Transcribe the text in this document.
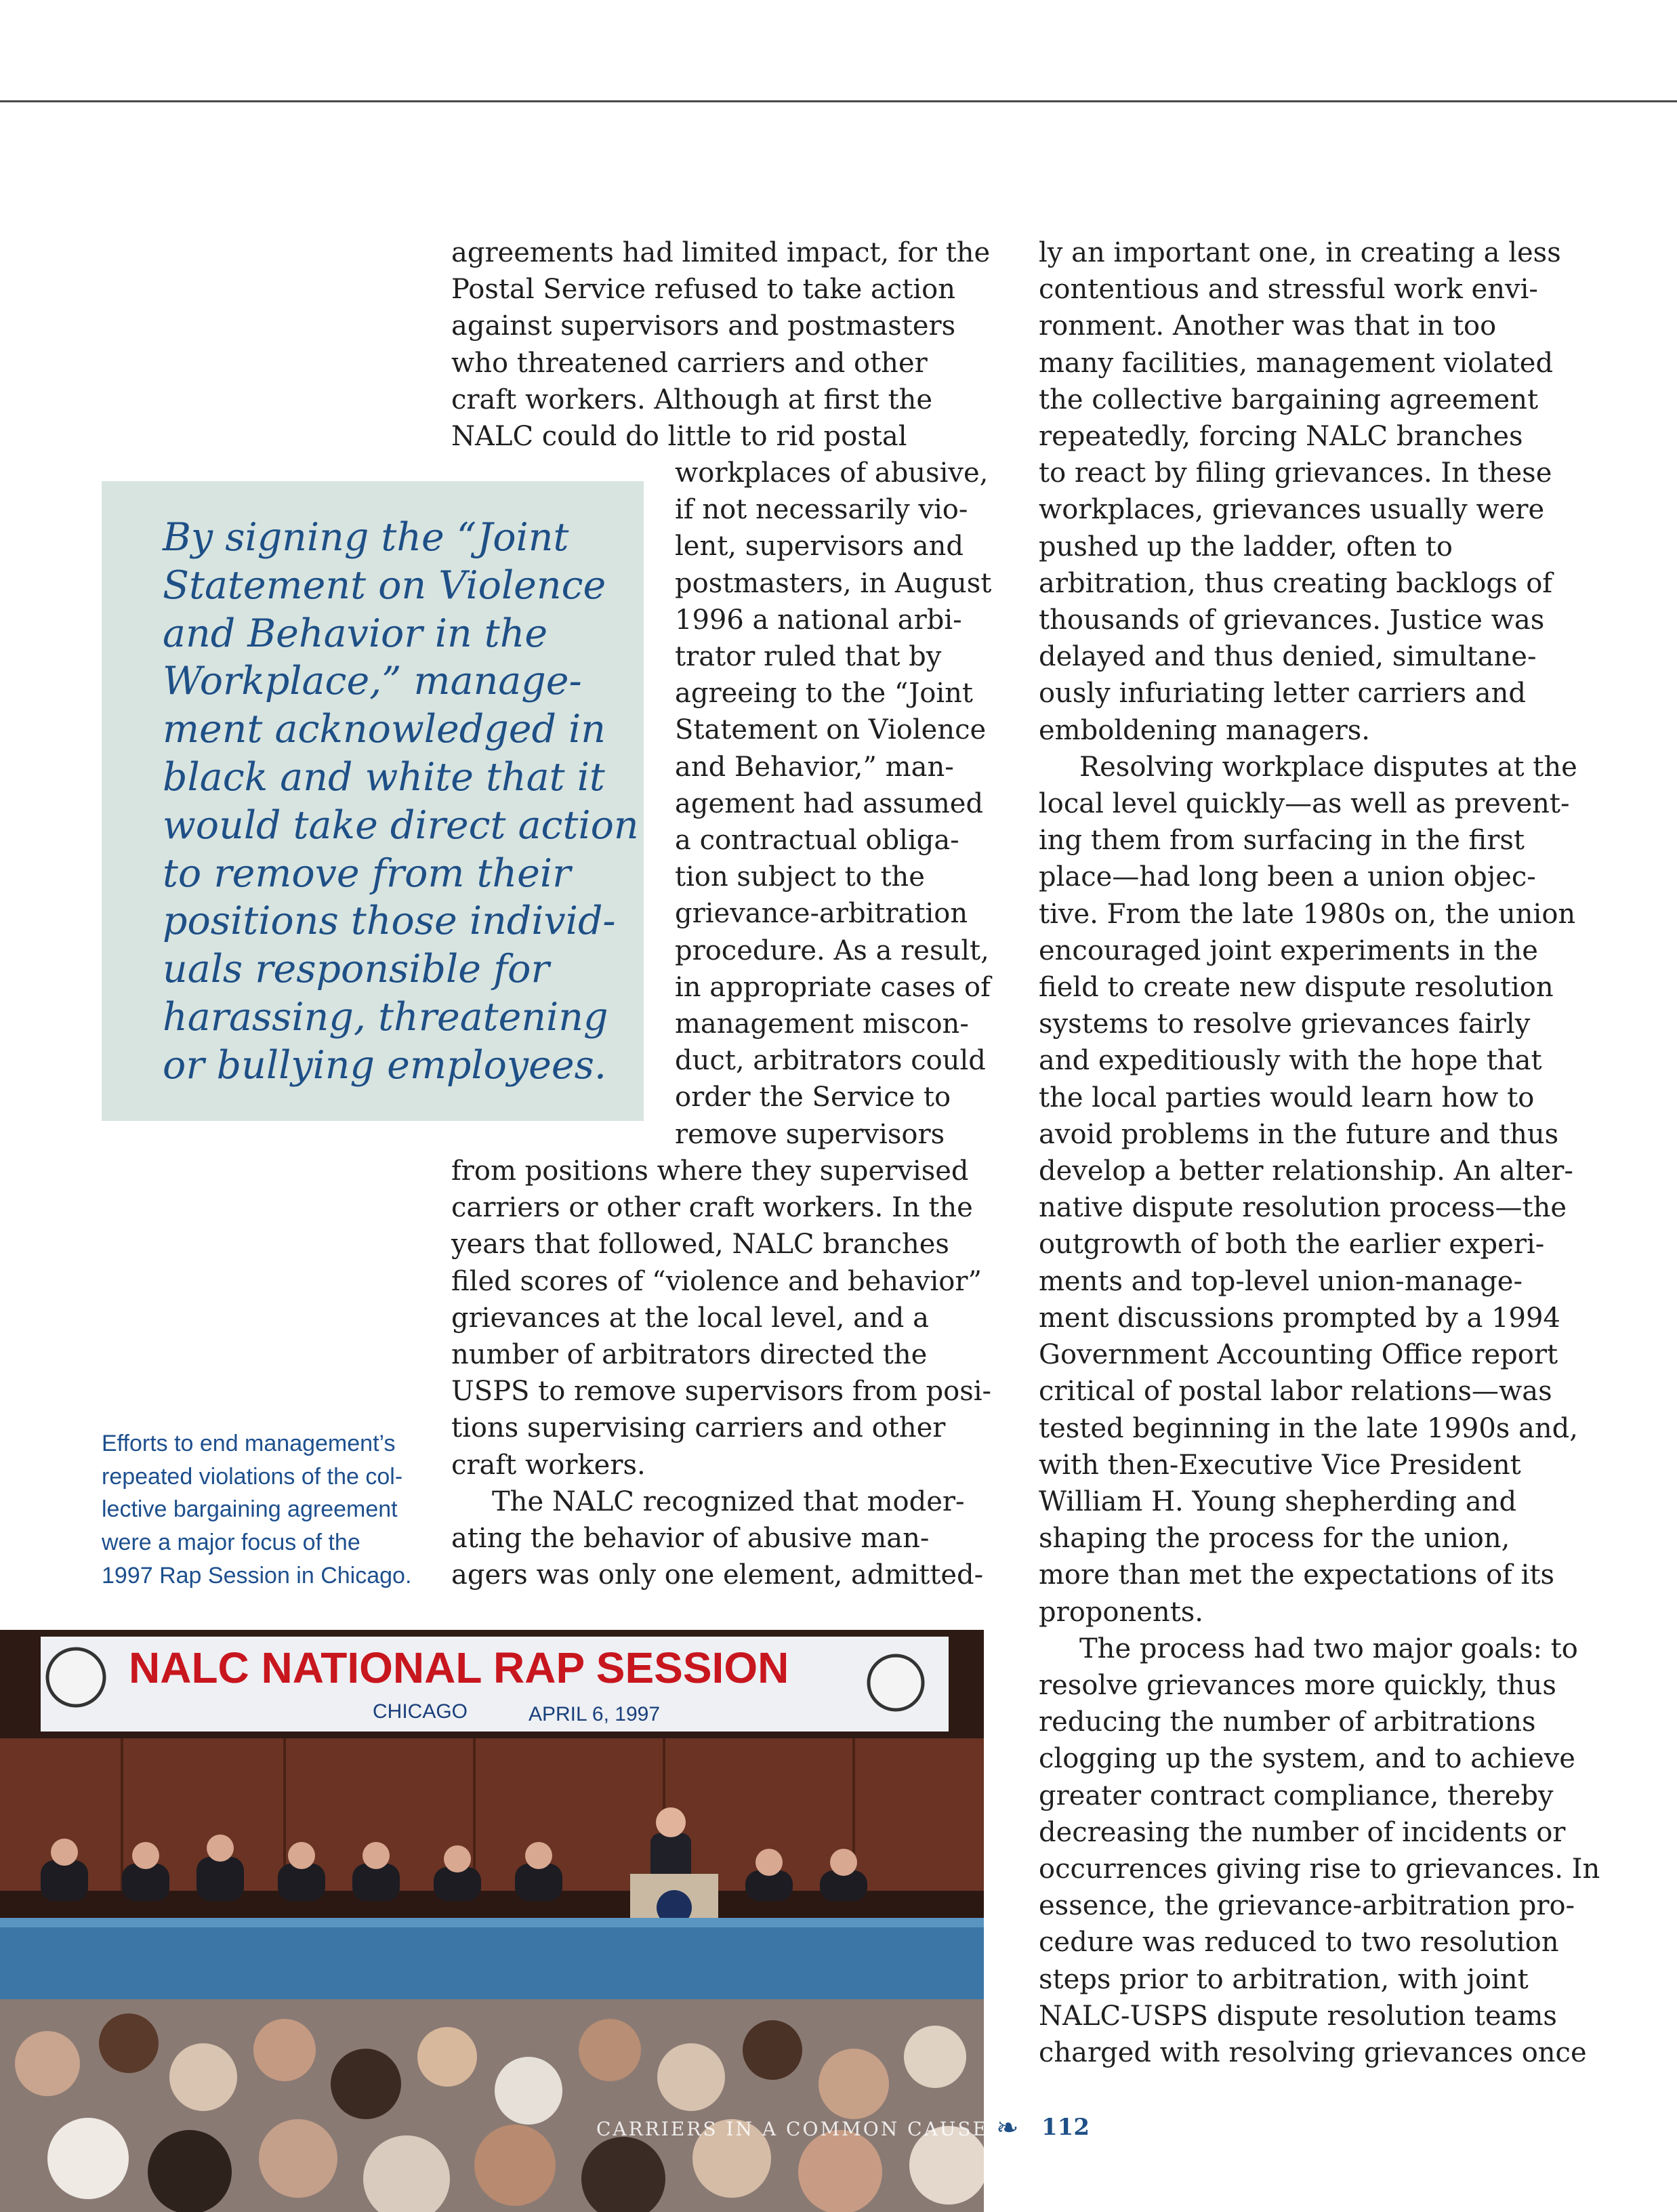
agreements had limited impact, for the
Postal Service refused to take action
against supervisors and postmasters
who threatened carriers and other
craft workers. Although at first the
NALC could do little to rid postal

workplaces of abusive,
if not necessarily vio-
lent, supervisors and
postmasters, in August
1996 a national arbi-
trator ruled that by
agreeing to the “Joint
Statement on Violence
and Behavior,” man-
agement had assumed
a contractual obliga-
tion subject to the
grievance-arbitration
procedure. As a result,
in appropriate cases of
management miscon-
duct, arbitrators could
order the Service to
remove supervisors

from positions where they supervised
carriers or other craft workers. In the
years that followed, NALC branches
filed scores of “violence and behavior”
grievances at the local level, and a
number of arbitrators directed the
USPS to remove supervisors from posi-
tions supervising carriers and other
craft workers.

The NALC recognized that moder-
ating the behavior of abusive man-
agers was only one element, admitted-

ly an important one, in creating a less
contentious and stressful work envi-
ronment. Another was that in too
many facilities, management violated
the collective bargaining agreement
repeatedly, forcing NALC branches
to react by filing grievances. In these
workplaces, grievances usually were
pushed up the ladder, often to
arbitration, thus creating backlogs of
thousands of grievances. Justice was
delayed and thus denied, simultane-
ously infuriating letter carriers and
emboldening managers.

Resolving workplace disputes at the
local level quickly—as well as prevent-
ing them from surfacing in the first
place—had long been a union objec-
tive. From the late 1980s on, the union
encouraged joint experiments in the
field to create new dispute resolution
systems to resolve grievances fairly
and expeditiously with the hope that
the local parties would learn how to
avoid problems in the future and thus
develop a better relationship. An alter-
native dispute resolution process—the
outgrowth of both the earlier experi-
ments and top-level union-manage-
ment discussions prompted by a 1994
Government Accounting Office report
critical of postal labor relations—was
tested beginning in the late 1990s and,
with then-Executive Vice President
William H. Young shepherding and
shaping the process for the union,
more than met the expectations of its
proponents.

The process had two major goals: to
resolve grievances more quickly, thus
reducing the number of arbitrations
clogging up the system, and to achieve
greater contract compliance, thereby
decreasing the number of incidents or
occurrences giving rise to grievances. In
essence, the grievance-arbitration pro-
cedure was reduced to two resolution
steps prior to arbitration, with joint
NALC-USPS dispute resolution teams
charged with resolving grievances once

By signing the “Joint
Statement on Violence
and Behavior in the
Workplace,” manage-
ment acknowledged in
black and white that it
would take direct action
to remove from their
positions those individ-
uals responsible for
harassing, threatening
or bullying employees.
Efforts to end management’s
repeated violations of the col-
lective bargaining agreement
were a major focus of the
1997 Rap Session in Chicago.
NALC NATIONAL RAP SESSION
CHICAGO	APRIL 6, 1997
CARRIERS IN A COMMON CAUSE ❧ 112
